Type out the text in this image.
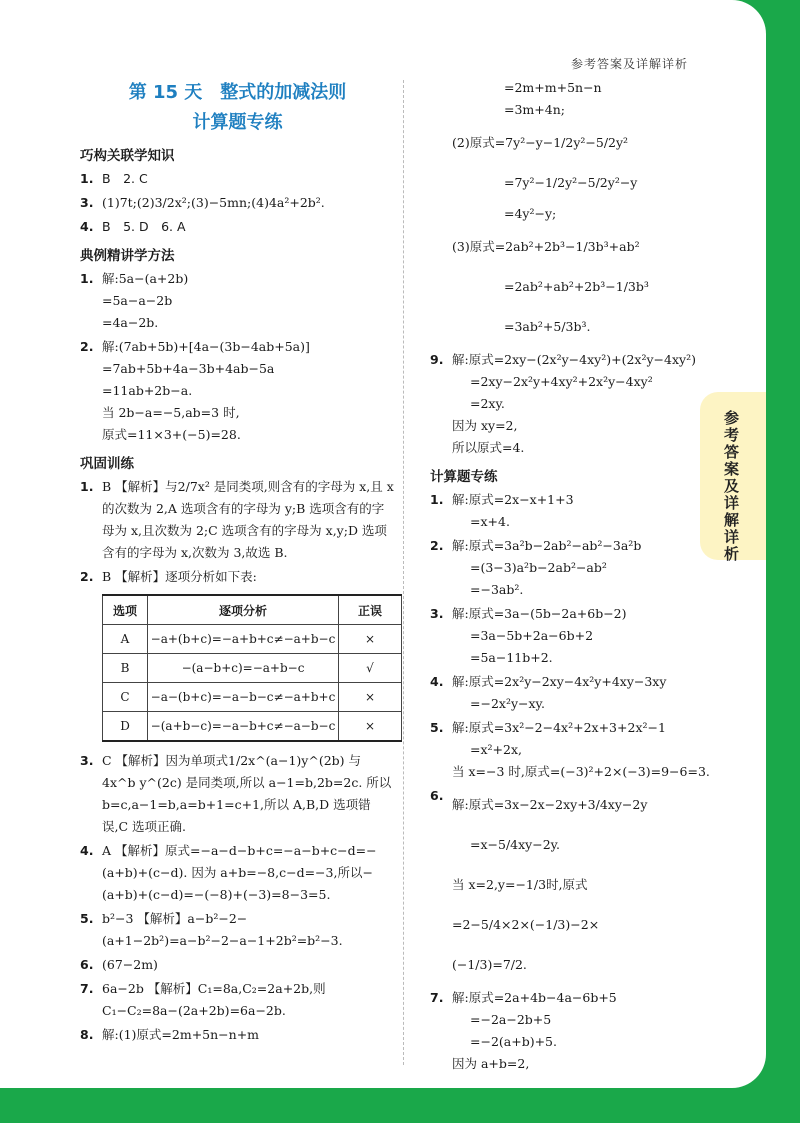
参考答案及详解详析
参考答案及详解详析
第 15 天　整式的加减法则
计算题专练
巧构关联学知识
1. B　2. C
3. (1)7t;(2)3/2x²;(3)−5mn;(4)4a²+2b².
4. B　5. D　6. A
典例精讲学方法
1. 解:5a−(a+2b)
=5a−a−2b
=4a−2b.
2. 解:(7ab+5b)+[4a−(3b−4ab+5a)]
=7ab+5b+4a−3b+4ab−5a
=11ab+2b−a.
当 2b−a=−5,ab=3 时,
原式=11×3+(−5)=28.
巩固训练
1. B 【解析】与2/7x² 是同类项,则含有的字母为 x,且 x 的次数为 2,A 选项含有的字母为 y;B 选项含有的字母为 x,且次数为 2;C 选项含有的字母为 x,y;D 选项含有的字母为 x,次数为 3,故选 B.
2. B 【解析】逐项分析如下表:
选项	逐项分析	正误
A	−a+(b+c)=−a+b+c≠−a+b−c	×
B	−(a−b+c)=−a+b−c	√
C	−a−(b+c)=−a−b−c≠−a+b+c	×
D	−(a+b−c)=−a−b+c≠−a−b−c	×
3. C 【解析】因为单项式1/2x^(a−1)y^(2b) 与 4x^b y^(2c) 是同类项,所以 a−1=b,2b=2c. 所以 b=c,a−1=b,a=b+1=c+1,所以 A,B,D 选项错误,C 选项正确.
4. A 【解析】原式=−a−d−b+c=−a−b+c−d=−(a+b)+(c−d). 因为 a+b=−8,c−d=−3,所以−(a+b)+(c−d)=−(−8)+(−3)=8−3=5.
5. b²−3 【解析】a−b²−2−(a+1−2b²)=a−b²−2−a−1+2b²=b²−3.
6. (67−2m)
7. 6a−2b 【解析】C₁=8a,C₂=2a+2b,则 C₁−C₂=8a−(2a+2b)=6a−2b.
8. 解:(1)原式=2m+5n−n+m
=2m+m+5n−n
=3m+4n;
(2)原式=7y²−y−1/2y²−5/2y²
=7y²−1/2y²−5/2y²−y
=4y²−y;
(3)原式=2ab²+2b³−1/3b³+ab²
=2ab²+ab²+2b³−1/3b³
=3ab²+5/3b³.
9. 解:原式=2xy−(2x²y−4xy²)+(2x²y−4xy²)
=2xy−2x²y+4xy²+2x²y−4xy²
=2xy.
因为 xy=2,
所以原式=4.
计算题专练
1. 解:原式=2x−x+1+3
=x+4.
2. 解:原式=3a²b−2ab²−ab²−3a²b
=(3−3)a²b−2ab²−ab²
=−3ab².
3. 解:原式=3a−(5b−2a+6b−2)
=3a−5b+2a−6b+2
=5a−11b+2.
4. 解:原式=2x²y−2xy−4x²y+4xy−3xy
=−2x²y−xy.
5. 解:原式=3x²−2−4x²+2x+3+2x²−1
=x²+2x,
当 x=−3 时,原式=(−3)²+2×(−3)=9−6=3.
6.
解:原式=3x−2x−2xy+3/4xy−2y
=x−5/4xy−2y.
当 x=2,y=−1/3时,原式=2−5/4×2×(−1/3)−2×
(−1/3)=7/2.
7. 解:原式=2a+4b−4a−6b+5
=−2a−2b+5
=−2(a+b)+5.
因为 a+b=2,
